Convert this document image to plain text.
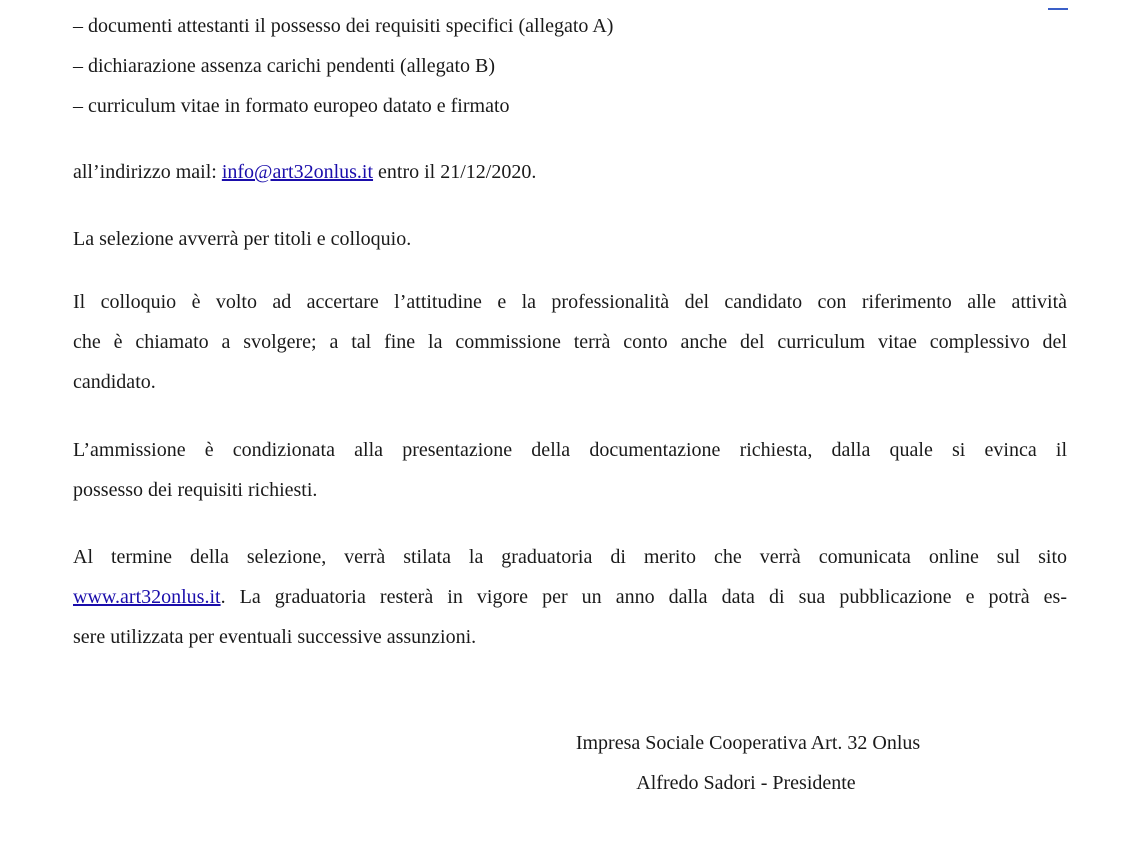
– documenti attestanti il possesso dei requisiti specifici (allegato A)
– dichiarazione assenza carichi pendenti (allegato B)
– curriculum vitae in formato europeo datato e firmato
all’indirizzo mail: info@art32onlus.it entro il 21/12/2020.
La selezione avverrà per titoli e colloquio.
Il colloquio è volto ad accertare l’attitudine e la professionalità del candidato con riferimento alle attività
che è chiamato a svolgere; a tal fine la commissione terrà conto anche del curriculum vitae complessivo del
candidato.
L’ammissione è condizionata alla presentazione della documentazione richiesta, dalla quale si evinca il
possesso dei requisiti richiesti.
Al termine della selezione, verrà stilata la graduatoria di merito che verrà comunicata online sul sito
www.art32onlus.it. La graduatoria resterà in vigore per un anno dalla data di sua pubblicazione e potrà es-
sere utilizzata per eventuali successive assunzioni.
Impresa Sociale Cooperativa Art. 32 Onlus
Alfredo Sadori - Presidente
